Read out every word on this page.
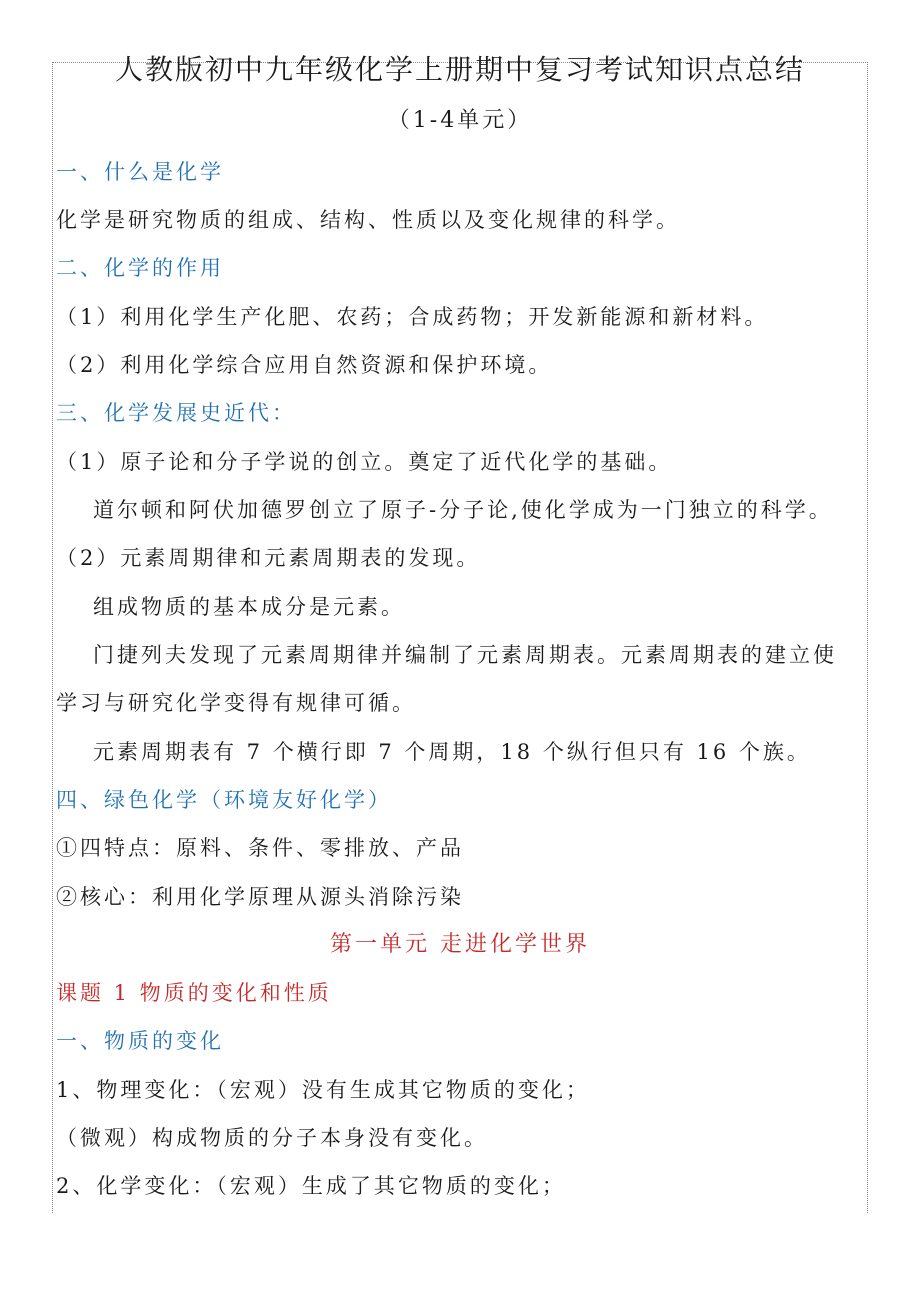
人教版初中九年级化学上册期中复习考试知识点总结
（1-4单元）
一、什么是化学
化学是研究物质的组成、结构、性质以及变化规律的科学。
二、化学的作用
（1）利用化学生产化肥、农药；合成药物；开发新能源和新材料。
（2）利用化学综合应用自然资源和保护环境。
三、化学发展史近代：
（1）原子论和分子学说的创立。奠定了近代化学的基础。
道尔顿和阿伏加德罗创立了原子-分子论,使化学成为一门独立的科学。
（2）元素周期律和元素周期表的发现。
组成物质的基本成分是元素。
门捷列夫发现了元素周期律并编制了元素周期表。元素周期表的建立使
学习与研究化学变得有规律可循。
元素周期表有 7 个横行即 7 个周期，18 个纵行但只有 16 个族。
四、绿色化学（环境友好化学）
①四特点：原料、条件、零排放、产品
②核心：利用化学原理从源头消除污染
第一单元 走进化学世界
课题 1 物质的变化和性质
一、物质的变化
1、物理变化：（宏观）没有生成其它物质的变化；
（微观）构成物质的分子本身没有变化。
2、化学变化：（宏观）生成了其它物质的变化；
